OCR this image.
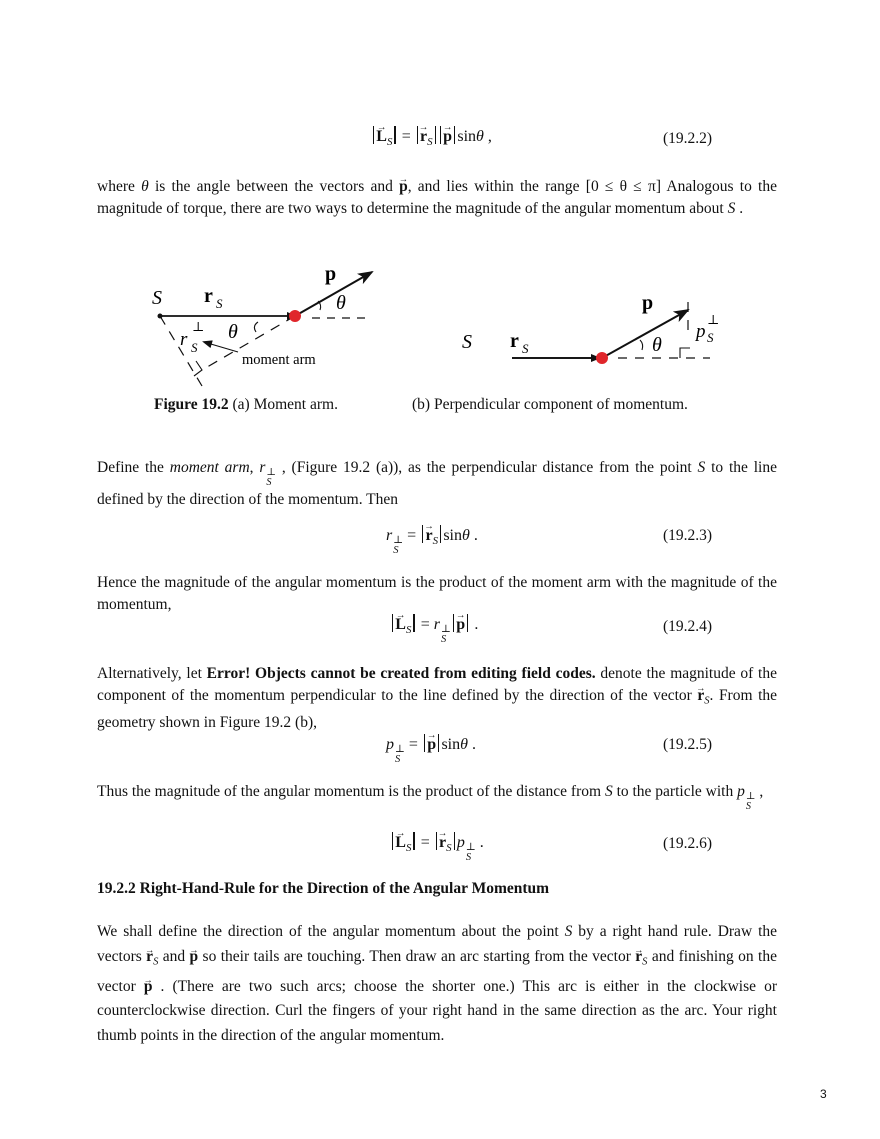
→ $L_S$ = → $r_S\to p$ sinθ ,	(19.2.2)
where θ is the angle between the vectors and → p, and lies within the range [0 ≤ θ ≤ π] Analogous to the magnitude of torque, there are two ways to determine the magnitude of the angular momentum about S .
S r S
p
θ
θ
r
⊥
S
moment arm
S r S
p
θ
p
⊥
S
Figure 19.2 (a) Moment arm.	(b) Perpendicular component of momentum.
Define the moment arm, r ⊥
S
, (Figure 19.2 (a)), as the perpendicular distance from the point S to the line defined by the direction of the momentum. Then
r ⊥
S
= → $r_S$ sinθ .	(19.2.3)
Hence the magnitude of the angular momentum is the product of the moment arm with the magnitude of the momentum,
→ $L_S = r$ ⊥
S
→ p .	(19.2.4)
Alternatively, let Error! Objects cannot be created from editing field codes. denote the magnitude of the component of the momentum perpendicular to the line defined by the direction of the vector → $r_S$. From the geometry shown in Figure 19.2 (b),
p ⊥
S
= → p sinθ .	(19.2.5)
Thus the magnitude of the angular momentum is the product of the distance from S to the particle with p ⊥
S
,
→ $L_S$ = → $r_S$ p ⊥
S
.	(19.2.6)
19.2.2 Right-Hand-Rule for the Direction of the Angular Momentum
We shall define the direction of the angular momentum about the point S by a right hand rule. Draw the vectors → $r_S$ and → p so their tails are touching. Then draw an arc starting from the vector → $r_S$ and finishing on the vector → p . (There are two such arcs; choose the shorter one.) This arc is either in the clockwise or counterclockwise direction. Curl the fingers of your right hand in the same direction as the arc. Your right thumb points in the direction of the angular momentum.
3
